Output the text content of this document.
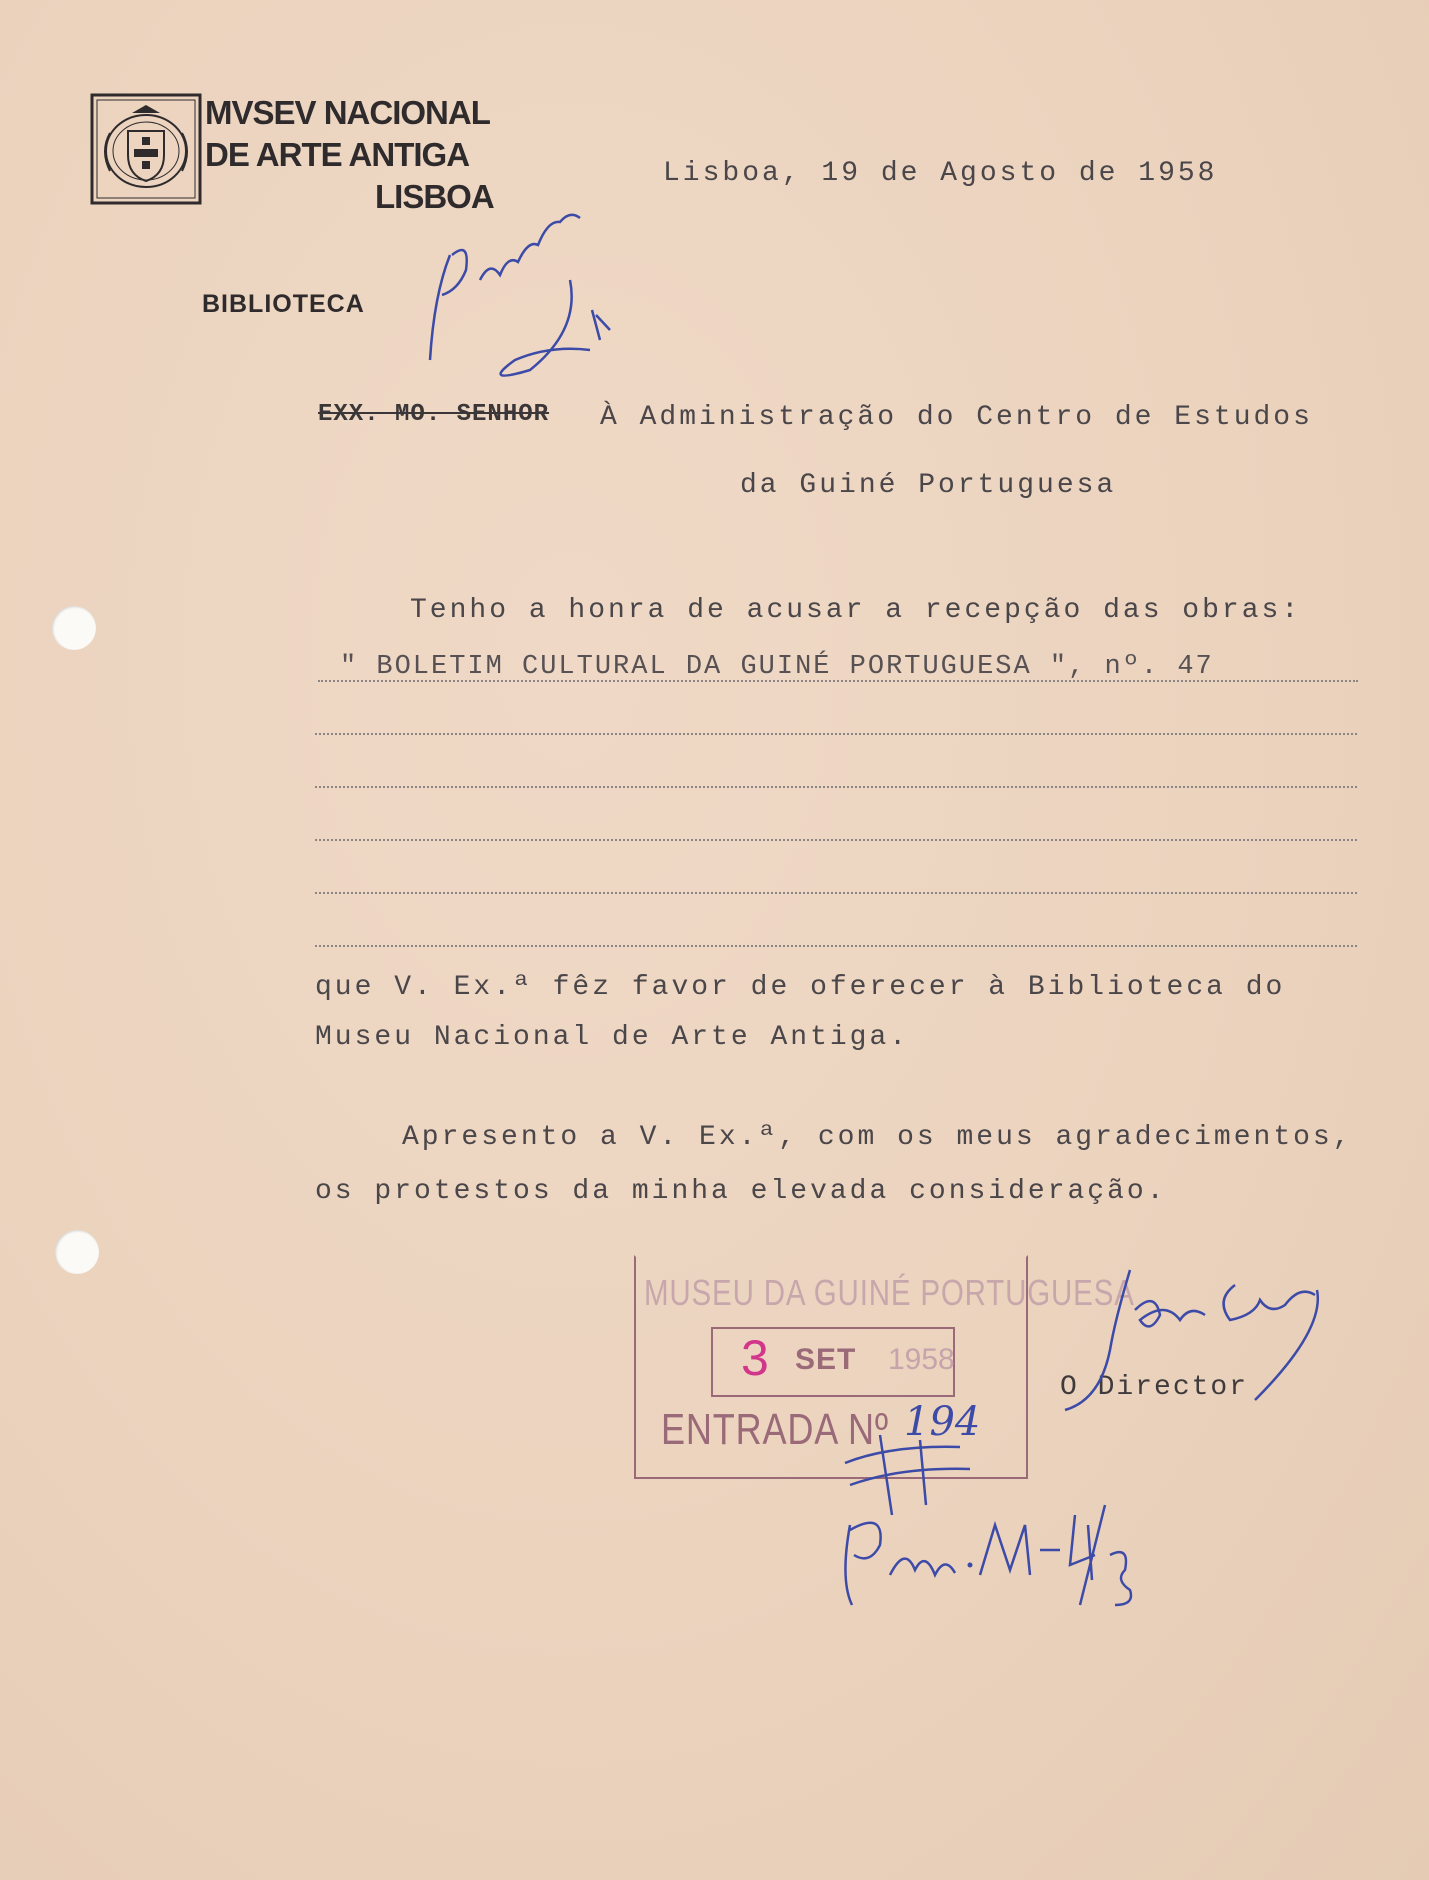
MVSEV NACIONAL
DE ARTE ANTIGA
LISBOA
BIBLIOTECA
Lisboa, 19 de Agosto de 1958
EXX. MO. SENHOR À Administração do Centro de Estudos
da Guiné Portuguesa
Tenho a honra de acusar a recepção das obras:
" BOLETIM CULTURAL DA GUINÉ PORTUGUESA ", nº. 47
que V. Ex.ª fêz favor de oferecer à Biblioteca do
Museu Nacional de Arte Antiga.
Apresento a V. Ex.ª, com os meus agradecimentos,
os protestos da minha elevada consideração.
O Director
MUSEU DA GUINÉ PORTUGUESA
3 SET 1958
ENTRADA Nº 194
